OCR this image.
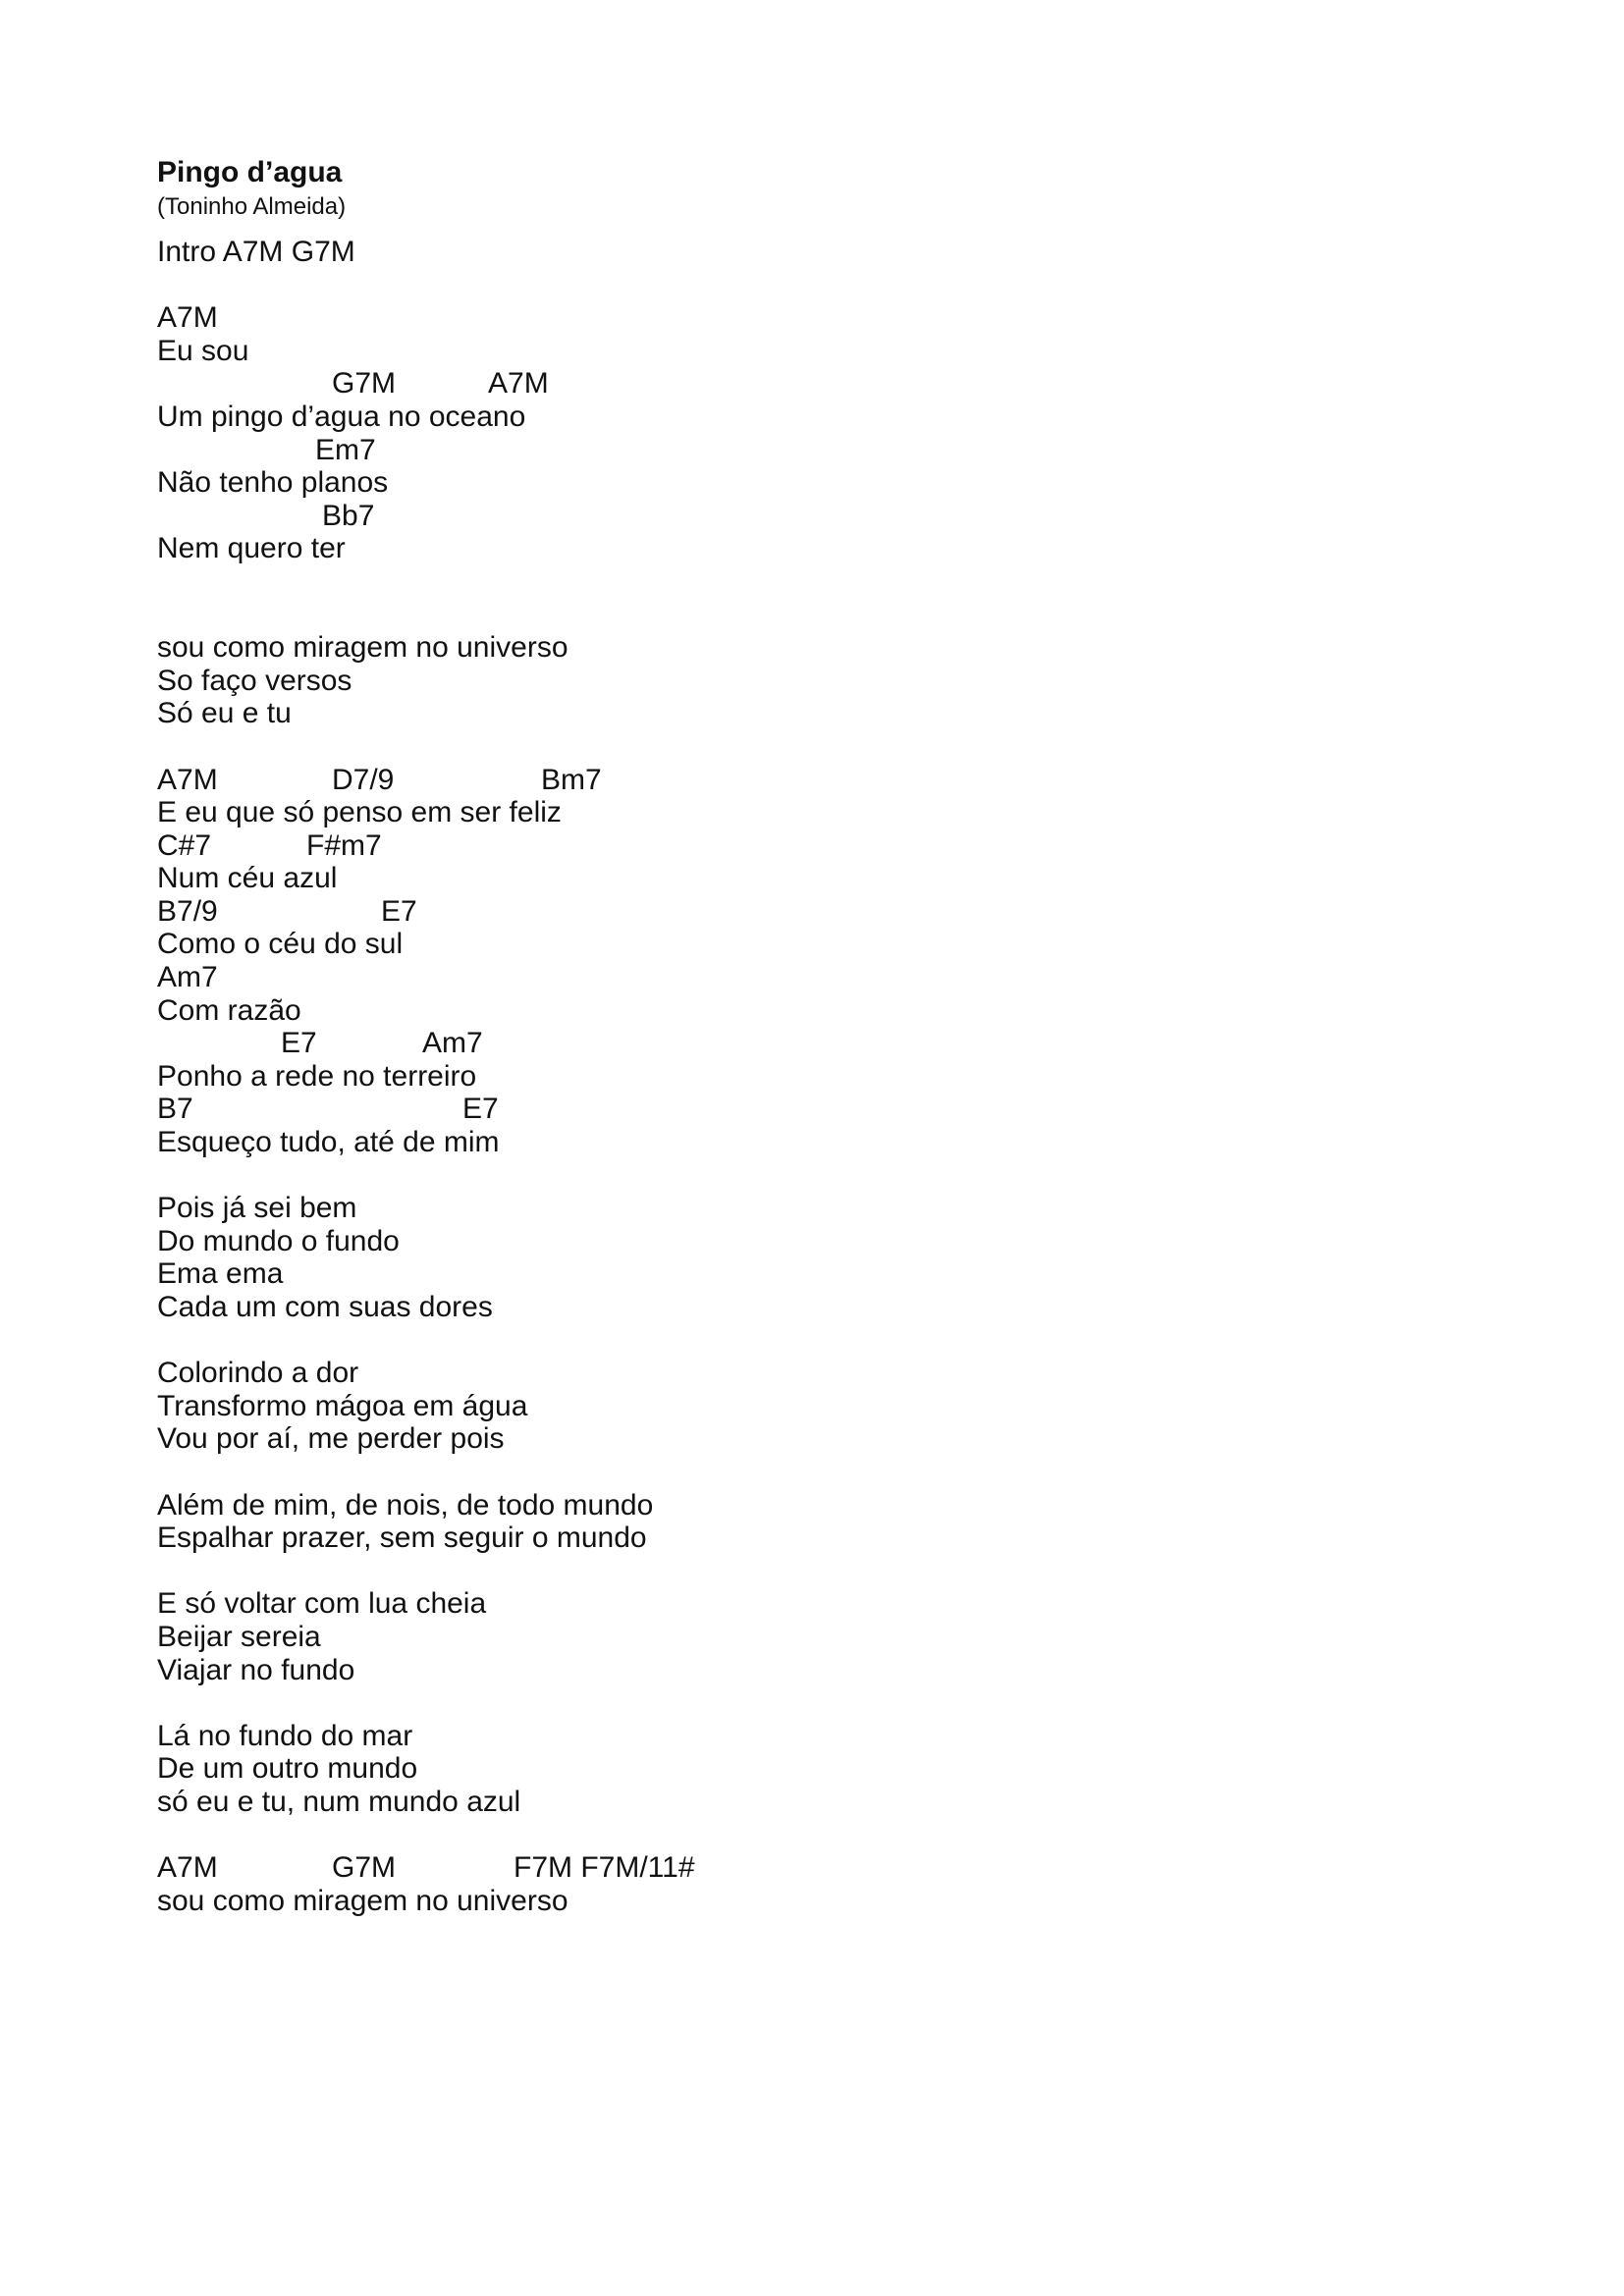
Pingo d’agua
(Toninho Almeida)
Intro A7M G7M
A7M
Eu sou
G7M	A7M
Um pingo d’agua no oceano
Em7
Não tenho planos
Bb7
Nem quero ter
sou como miragem no universo
So faço versos
Só eu e tu
A7M	D7/9	Bm7
E eu que só penso em ser feliz
C#7	F#m7
Num céu azul
B7/9	E7
Como o céu do sul
Am7
Com razão
E7	Am7
Ponho a rede no terreiro
B7	E7
Esqueço tudo, até de mim
Pois já sei bem
Do mundo o fundo
Ema ema
Cada um com suas dores
Colorindo a dor
Transformo mágoa em água
Vou por aí, me perder pois
Além de mim, de nois, de todo mundo
Espalhar prazer, sem seguir o mundo
E só voltar com lua cheia
Beijar sereia
Viajar no fundo
Lá no fundo do mar
De um outro mundo
só eu e tu, num mundo azul
A7M	G7M	F7M F7M/11#
sou como miragem no universo
